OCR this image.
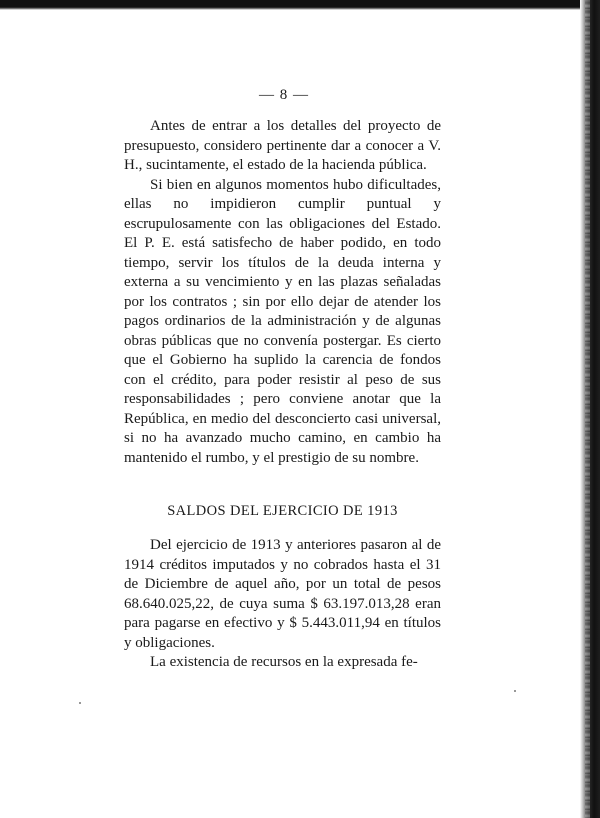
— 8 —

Antes de entrar a los detalles del proyecto de presupuesto, considero pertinente dar a conocer a V. H., sucintamente, el estado de la hacienda pública.

Si bien en algunos momentos hubo dificultades, ellas no impidieron cumplir puntual y escrupulosamente con las obligaciones del Estado. El P. E. está satisfecho de haber podido, en todo tiempo, servir los títulos de la deuda interna y externa a su vencimiento y en las plazas señaladas por los contratos ; sin por ello dejar de atender los pagos ordinarios de la administración y de algunas obras públicas que no convenía postergar. Es cierto que el Gobierno ha suplido la carencia de fondos con el crédito, para poder resistir al peso de sus responsabilidades ; pero conviene anotar que la República, en medio del desconcierto casi universal, si no ha avanzado mucho camino, en cambio ha mantenido el rumbo, y el prestigio de su nombre.

SALDOS DEL EJERCICIO DE 1913

Del ejercicio de 1913 y anteriores pasaron al de 1914 créditos imputados y no cobrados hasta el 31 de Diciembre de aquel año, por un total de pesos 68.640.025,22, de cuya suma $ 63.197.013,28 eran para pagarse en efectivo y $ 5.443.011,94 en títulos y obligaciones.

La existencia de recursos en la expresada fe-
